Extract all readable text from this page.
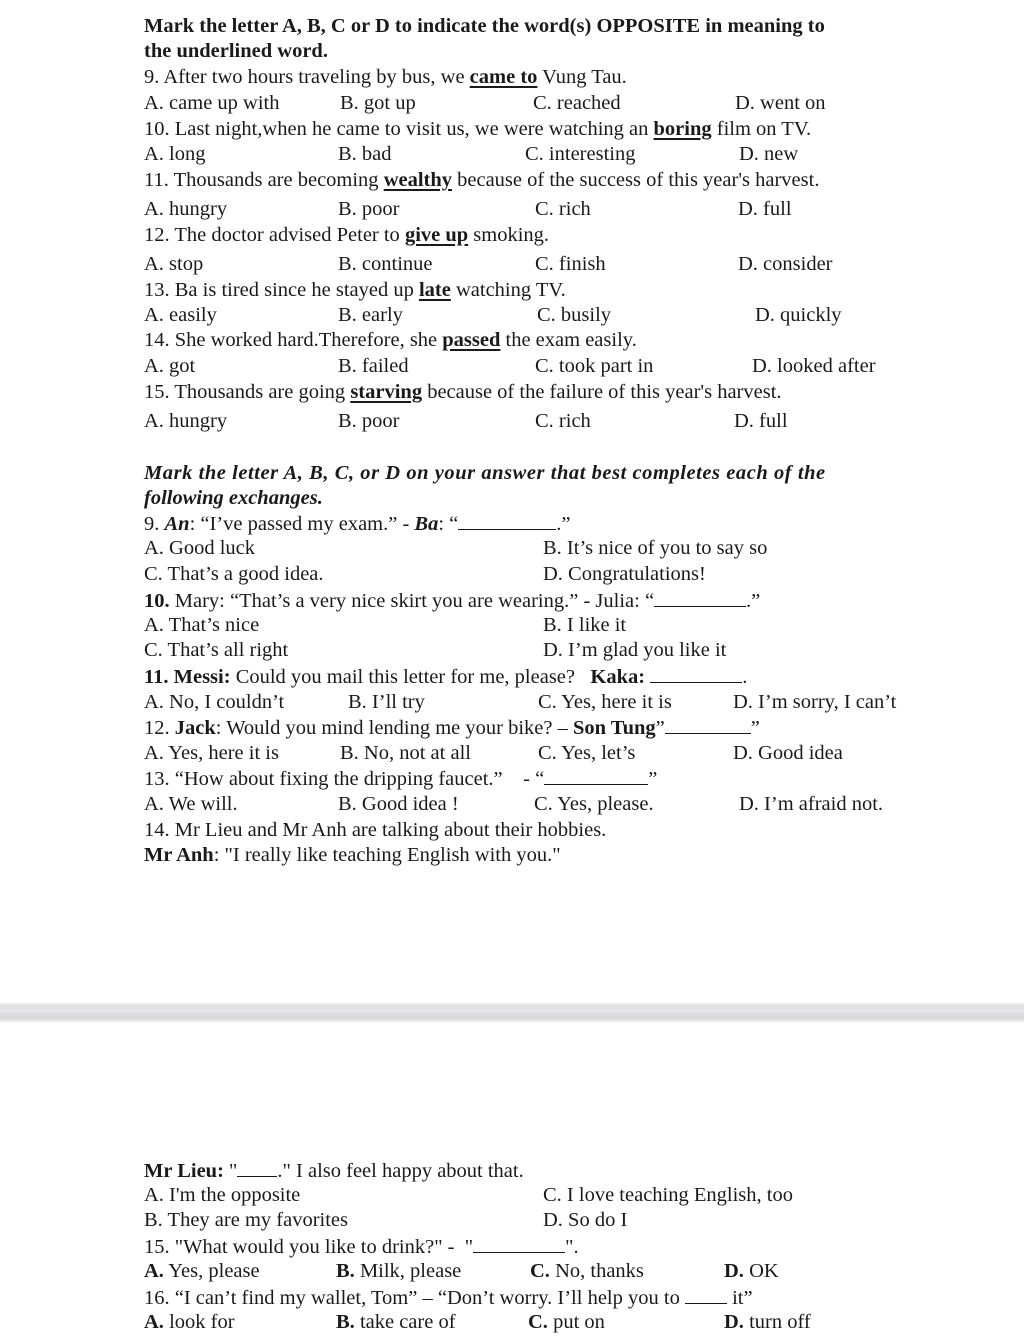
Mark the letter A, B, C or D to indicate the word(s) OPPOSITE in meaning to
the underlined word.
9. After two hours traveling by bus, we came to Vung Tau.
A. came up with	B. got up	C. reached	D. went on
10. Last night,when he came to visit us, we were watching an boring film on TV.
A. long	B. bad	C. interesting	D. new
11. Thousands are becoming wealthy because of the success of this year's harvest.
A. hungry	B. poor	C. rich	D. full
12. The doctor advised Peter to give up smoking.
A. stop	B. continue	C. finish	D. consider
13. Ba is tired since he stayed up late watching TV.
A. easily	B. early	C. busily	D. quickly
14. She worked hard.Therefore, she passed the exam easily.
A. got	B. failed	C. took part in	D. looked after
15. Thousands are going starving because of the failure of this year's harvest.
A. hungry	B. poor	C. rich	D. full
Mark the letter A, B, C, or D on your answer that best completes each of the
following exchanges.
9. An: “I’ve passed my exam.” - Ba: “	.”
A. Good luck	B. It’s nice of you to say so
C. That’s a good idea.	D. Congratulations!
10. Mary: “That’s a very nice skirt you are wearing.” - Julia: “	.”
A. That’s nice	B. I like it
C. That’s all right	D. I’m glad you like it
11. Messi: Could you mail this letter for me, please?   Kaka:	.
A. No, I couldn’t	B. I’ll try	C. Yes, here it is	D. I’m sorry, I can’t
12. Jack: Would you mind lending me your bike? – Son Tung”	”
A. Yes, here it is	B. No, not at all	C. Yes, let’s	D. Good idea
13. “How about fixing the dripping faucet.”    - “	”
A. We will.	B. Good idea !	C. Yes, please.	D. I’m afraid not.
14. Mr Lieu and Mr Anh are talking about their hobbies.
Mr Anh: "I really like teaching English with you."
Mr Lieu: " ." I also feel happy about that.
A. I'm the opposite	C. I love teaching English, too
B. They are my favorites	D. So do I
15. "What would you like to drink?" -  "	".
A. Yes, please	B. Milk, please	C. No, thanks	D. OK
16. “I can’t find my wallet, Tom” – “Don’t worry. I’ll help you to  it”
A. look for	B. take care of	C. put on	D. turn off
